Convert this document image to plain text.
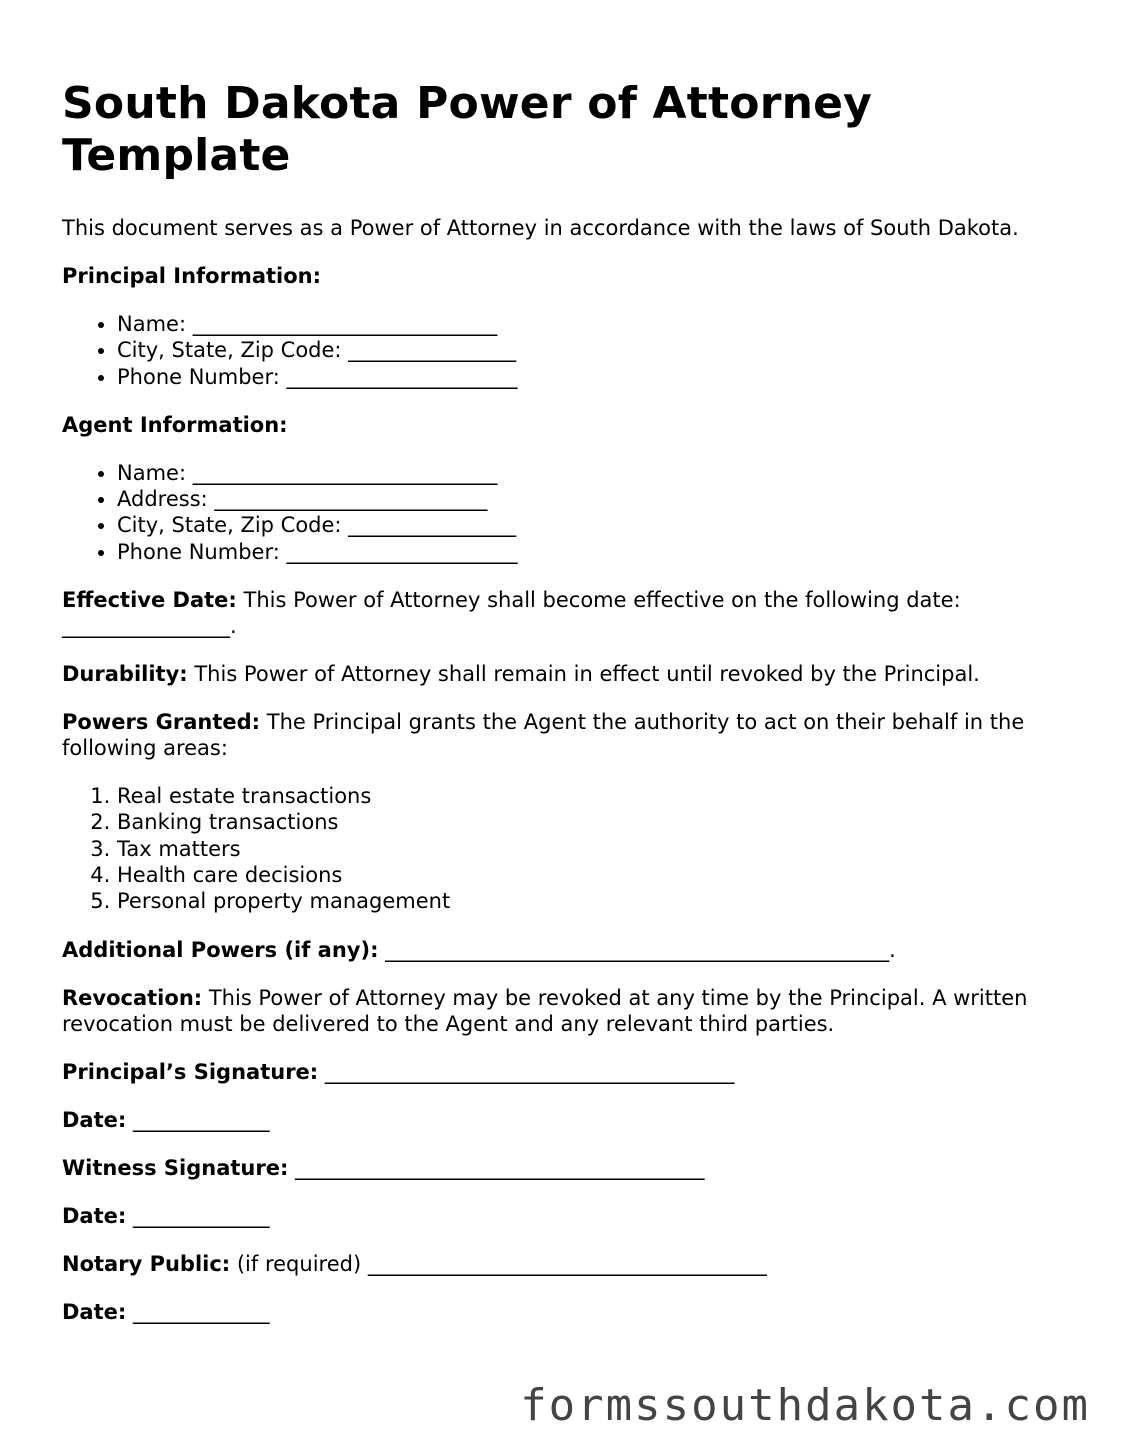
South Dakota Power of Attorney Template

This document serves as a Power of Attorney in accordance with the laws of South Dakota.

Principal Information:

• Name: _____________________________
• City, State, Zip Code: ________________
• Phone Number: ______________________

Agent Information:

• Name: _____________________________
• Address: __________________________
• City, State, Zip Code: ________________
• Phone Number: ______________________

Effective Date: This Power of Attorney shall become effective on the following date: ________________.

Durability: This Power of Attorney shall remain in effect until revoked by the Principal.

Powers Granted: The Principal grants the Agent the authority to act on their behalf in the following areas:

1. Real estate transactions
2. Banking transactions
3. Tax matters
4. Health care decisions
5. Personal property management

Additional Powers (if any): ________________________________________________.

Revocation: This Power of Attorney may be revoked at any time by the Principal. A written revocation must be delivered to the Agent and any relevant third parties.

Principal’s Signature: _______________________________________

Date: _____________

Witness Signature: _______________________________________

Date: _____________

Notary Public: (if required) ______________________________________

Date: _____________

formssouthdakota.com
